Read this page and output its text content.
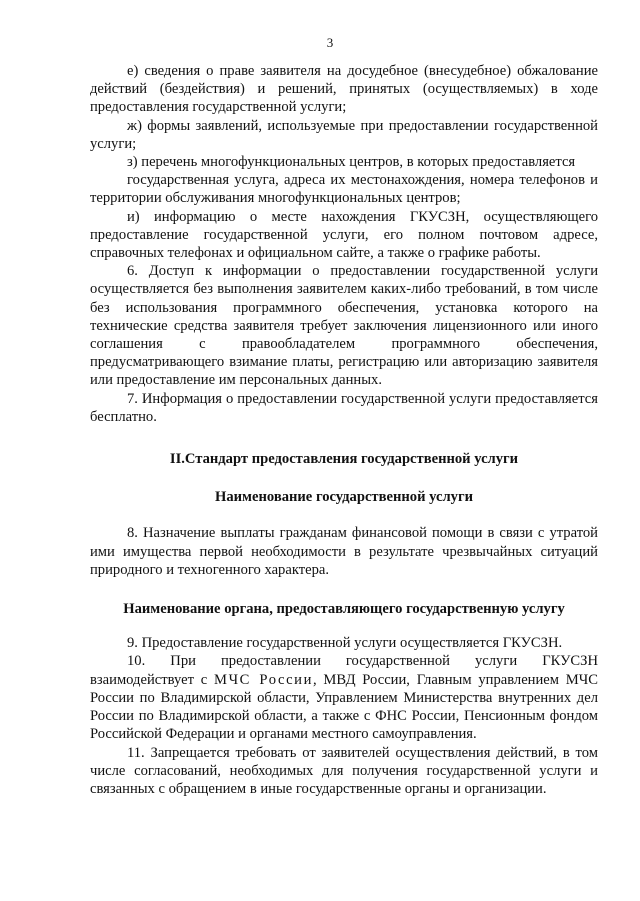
3

е) сведения о праве заявителя на досудебное (внесудебное) обжалование действий (бездействия) и решений, принятых (осуществляемых) в ходе предоставления государственной услуги;

ж) формы заявлений, используемые при предоставлении государственной услуги;

з) перечень многофункциональных центров, в которых предоставляется

государственная услуга, адреса их местонахождения, номера телефонов и территории обслуживания многофункциональных центров;

и) информацию о месте нахождения ГКУСЗН, осуществляющего предоставление государственной услуги, его полном почтовом адресе, справочных телефонах и официальном сайте, а также о графике работы.

6. Доступ к информации о предоставлении государственной услуги осуществляется без выполнения заявителем каких-либо требований, в том числе без использования программного обеспечения, установка которого на технические средства заявителя требует заключения лицензионного или иного соглашения с правообладателем программного обеспечения, предусматривающего взимание платы, регистрацию или авторизацию заявителя или предоставление им персональных данных.

7. Информация о предоставлении государственной услуги предоставляется бесплатно.

II.Стандарт предоставления государственной услуги

Наименование государственной услуги

8. Назначение выплаты гражданам финансовой помощи в связи с утратой ими имущества первой необходимости в результате чрезвычайных ситуаций природного и техногенного характера.

Наименование органа, предоставляющего государственную услугу

9. Предоставление государственной услуги осуществляется ГКУСЗН.

10. При предоставлении государственной услуги ГКУСЗН взаимодействует с МЧС России, МВД России, Главным управлением МЧС России по Владимирской области, Управлением Министерства внутренних дел России по Владимирской области, а также с ФНС России, Пенсионным фондом Российской Федерации и органами местного самоуправления.

11. Запрещается требовать от заявителей осуществления действий, в том числе согласований, необходимых для получения государственной услуги и связанных с обращением в иные государственные органы и организации.
